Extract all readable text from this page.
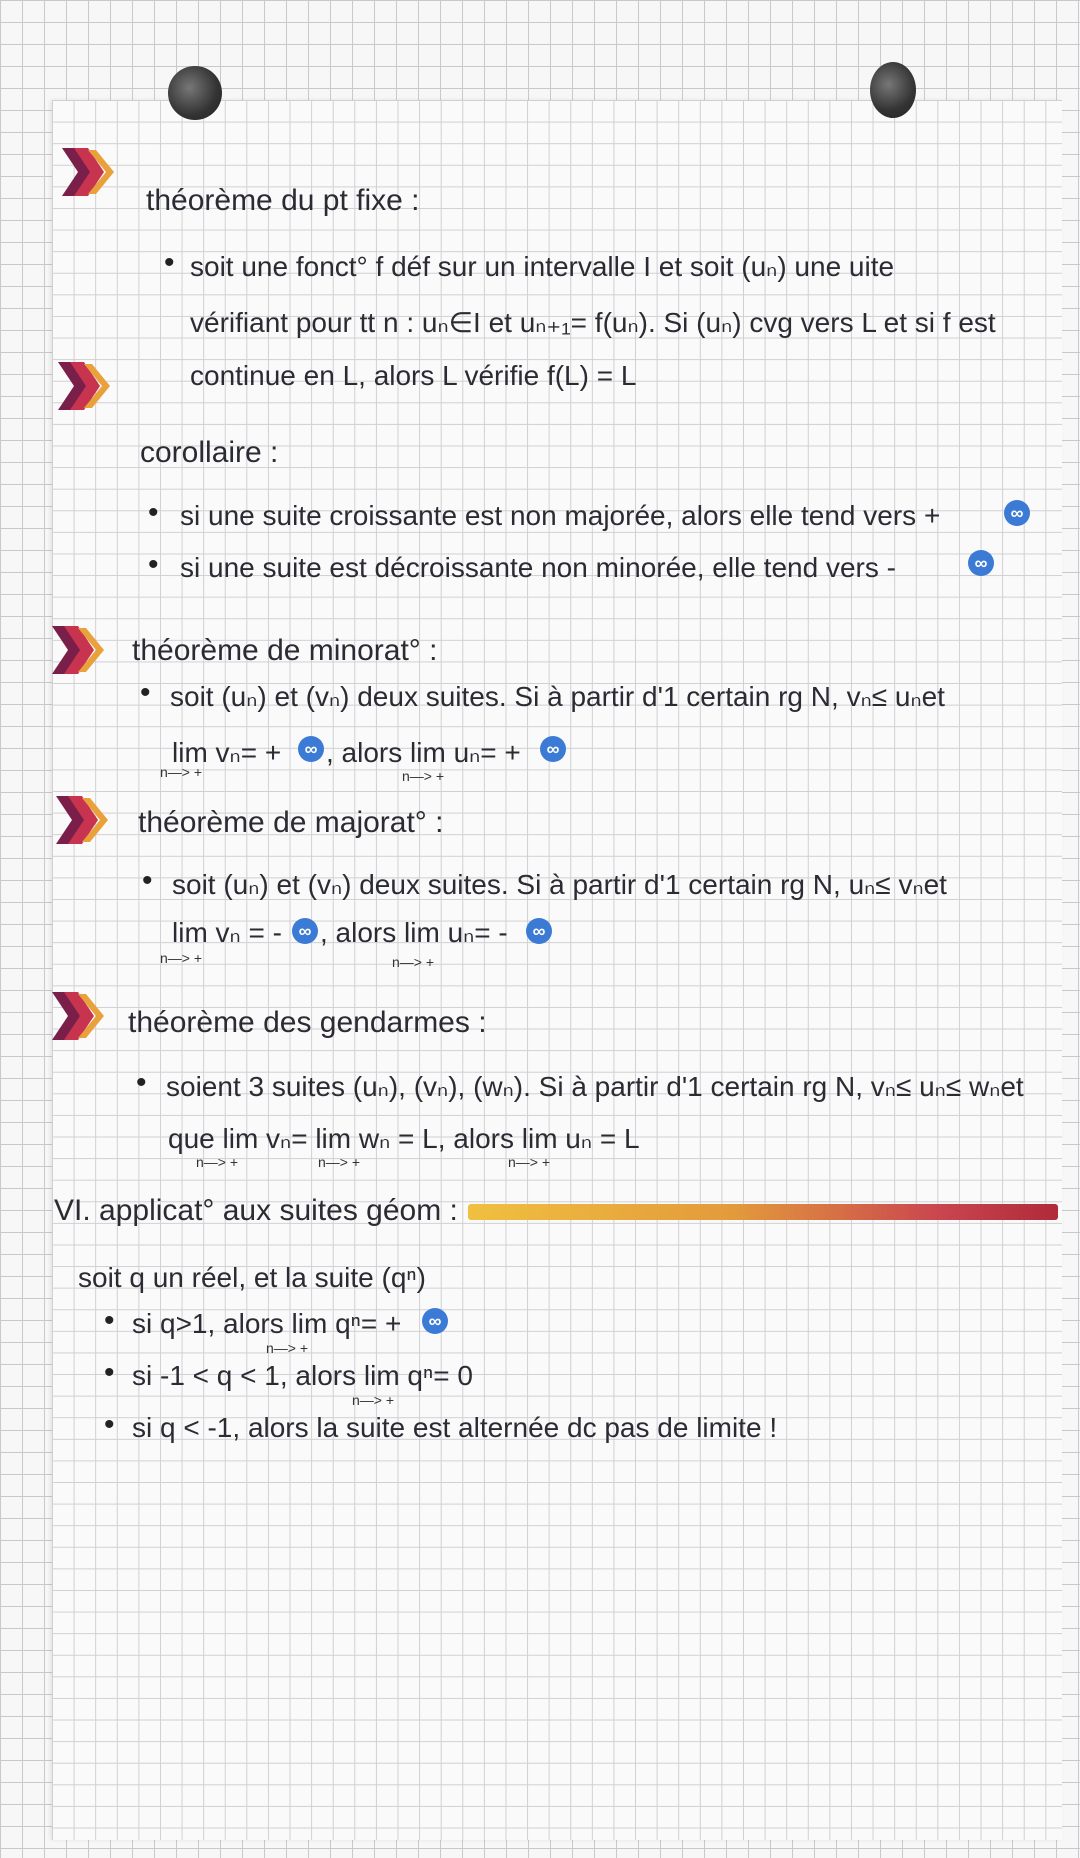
théorème du pt fixe :
• soit une fonct° f déf sur un intervalle I et soit (uₙ) une uite
vérifiant pour tt n : uₙ∈I et uₙ₊₁= f(uₙ). Si (uₙ) cvg vers L et si f est
continue en L, alors L vérifie f(L) = L
corollaire :
• si une suite croissante est non majorée, alors elle tend vers +	∞
• si une suite est décroissante non minorée, elle tend vers -	∞
théorème de minorat° :
• soit (uₙ) et (vₙ) deux suites. Si à partir d'1 certain rg N, vₙ≤ uₙet
lim vₙ= +	∞ , alors lim uₙ= +	∞
n—> +	n—> +
théorème de majorat° :
• soit (uₙ) et (vₙ) deux suites. Si à partir d'1 certain rg N, uₙ≤ vₙet
lim vₙ = - ∞ , alors lim uₙ= -	∞
n—> +	n—> +
théorème des gendarmes :
• soient 3 suites (uₙ), (vₙ), (wₙ). Si à partir d'1 certain rg N, vₙ≤ uₙ≤ wₙet
que lim vₙ= lim wₙ = L, alors lim uₙ = L
n—> +	n—> +	n—> +
VI. applicat° aux suites géom :
soit q un réel, et la suite (qⁿ)
• si q>1, alors lim qⁿ= +	∞
n—> +
• si -1 < q < 1, alors lim qⁿ= 0
n—> +
• si q < -1, alors la suite est alternée dc pas de limite !
